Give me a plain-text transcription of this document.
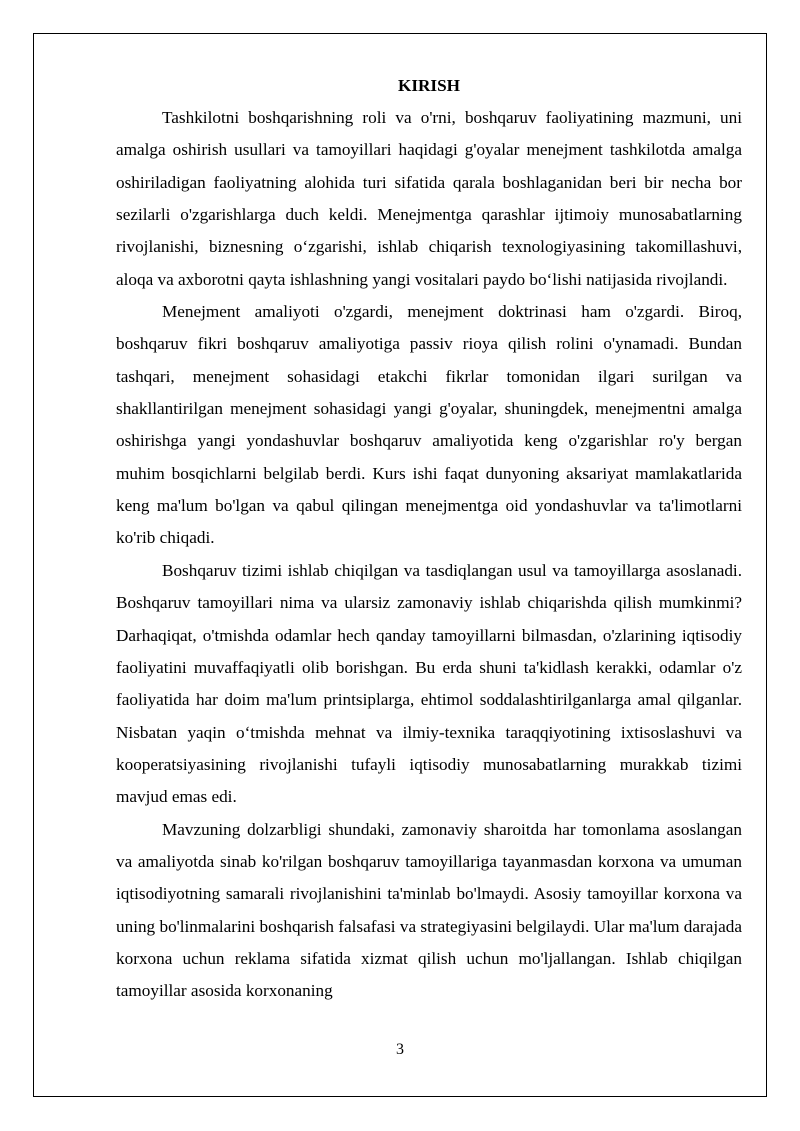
KIRISH

Tashkilotni boshqarishning roli va o'rni, boshqaruv faoliyatining mazmuni, uni amalga oshirish usullari va tamoyillari haqidagi g'oyalar menejment tashkilotda amalga oshiriladigan faoliyatning alohida turi sifatida qarala boshlaganidan beri bir necha bor sezilarli o'zgarishlarga duch keldi. Menejmentga qarashlar ijtimoiy munosabatlarning rivojlanishi, biznesning o‘zgarishi, ishlab chiqarish texnologiyasining takomillashuvi, aloqa va axborotni qayta ishlashning yangi vositalari paydo bo‘lishi natijasida rivojlandi.

Menejment amaliyoti o'zgardi, menejment doktrinasi ham o'zgardi. Biroq, boshqaruv fikri boshqaruv amaliyotiga passiv rioya qilish rolini o'ynamadi. Bundan tashqari, menejment sohasidagi etakchi fikrlar tomonidan ilgari surilgan va shakllantirilgan menejment sohasidagi yangi g'oyalar, shuningdek, menejmentni amalga oshirishga yangi yondashuvlar boshqaruv amaliyotida keng o'zgarishlar ro'y bergan muhim bosqichlarni belgilab berdi. Kurs ishi faqat dunyoning aksariyat mamlakatlarida keng ma'lum bo'lgan va qabul qilingan menejmentga oid yondashuvlar va ta'limotlarni ko'rib chiqadi.

Boshqaruv tizimi ishlab chiqilgan va tasdiqlangan usul va tamoyillarga asoslanadi. Boshqaruv tamoyillari nima va ularsiz zamonaviy ishlab chiqarishda qilish mumkinmi? Darhaqiqat, o'tmishda odamlar hech qanday tamoyillarni bilmasdan, o'zlarining iqtisodiy faoliyatini muvaffaqiyatli olib borishgan. Bu erda shuni ta'kidlash kerakki, odamlar o'z faoliyatida har doim ma'lum printsiplarga, ehtimol soddalashtirilganlarga amal qilganlar. Nisbatan yaqin o‘tmishda mehnat va ilmiy-texnika taraqqiyotining ixtisoslashuvi va kooperatsiyasining rivojlanishi tufayli iqtisodiy munosabatlarning murakkab tizimi mavjud emas edi.

Mavzuning dolzarbligi shundaki, zamonaviy sharoitda har tomonlama asoslangan va amaliyotda sinab ko'rilgan boshqaruv tamoyillariga tayanmasdan korxona va umuman iqtisodiyotning samarali rivojlanishini ta'minlab bo'lmaydi. Asosiy tamoyillar korxona va uning bo'linmalarini boshqarish falsafasi va strategiyasini belgilaydi. Ular ma'lum darajada korxona uchun reklama sifatida xizmat qilish uchun mo'ljallangan. Ishlab chiqilgan tamoyillar asosida korxonaning

3
